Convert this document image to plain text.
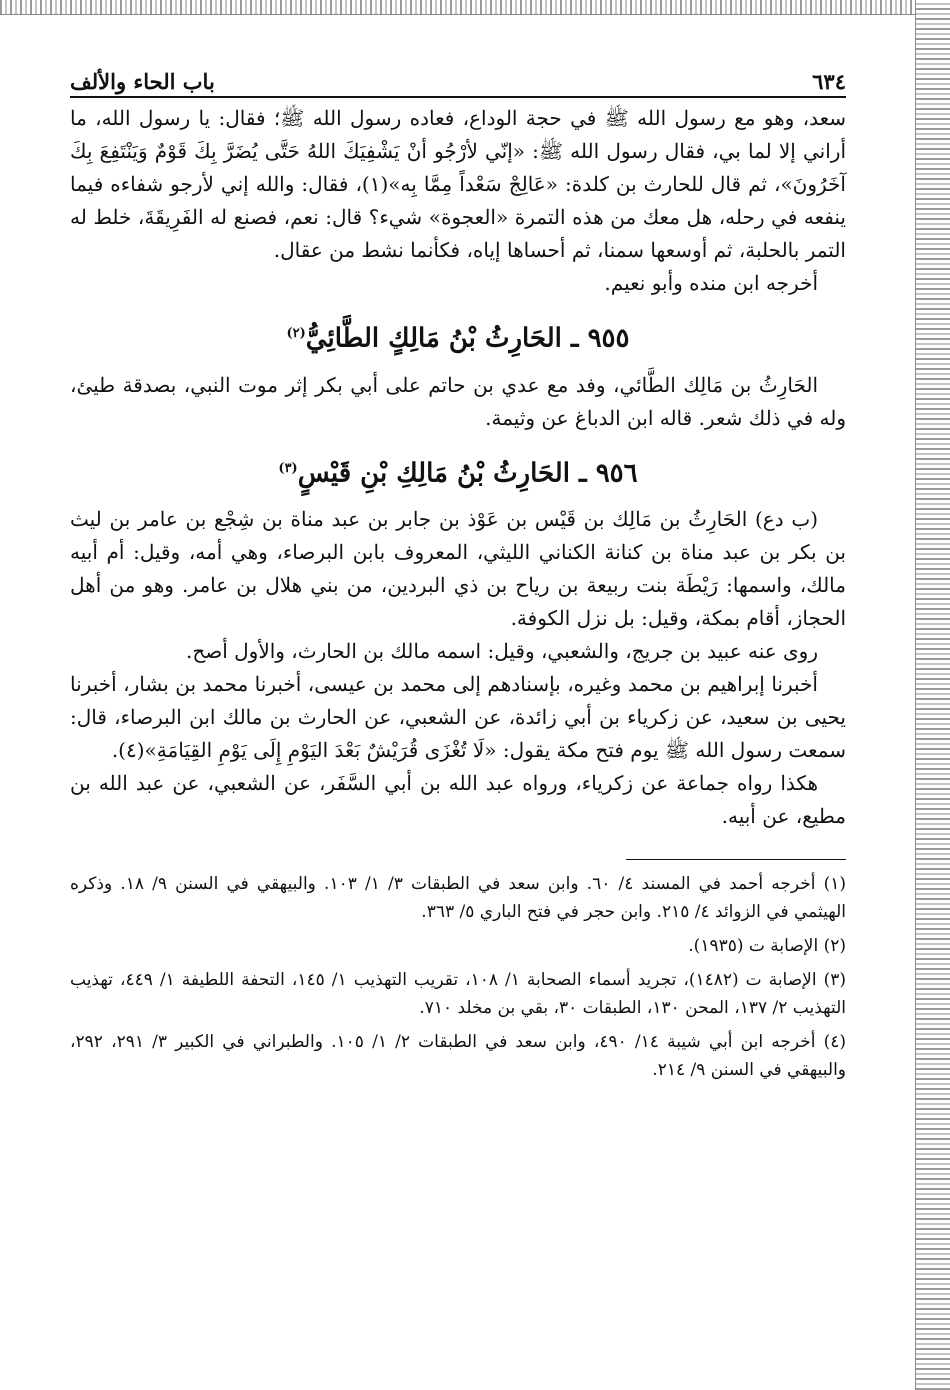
٦٣٤
باب الحاء والألف

سعد، وهو مع رسول الله ﷺ في حجة الوداع، فعاده رسول الله ﷺ؛ فقال: يا رسول الله، ما أراني إلا لما بي، فقال رسول الله ﷺ: «إنّي لأرْجُو أنْ يَشْفِيَكَ اللهُ حَتَّى يُضَرَّ بِكَ قَوْمٌ وَيَنْتَفِعَ بِكَ آخَرُونَ»، ثم قال للحارث بن كلدة: «عَالِجْ سَعْداً مِمَّا بِه»(١)، فقال: والله إني لأرجو شفاءه فيما ينفعه في رحله، هل معك من هذه التمرة «العجوة» شيء؟ قال: نعم، فصنع له الفَرِيقَةَ، خلط له التمر بالحلبة، ثم أوسعها سمنا، ثم أحساها إياه، فكأنما نشط من عقال.

أخرجه ابن منده وأبو نعيم.

٩٥٥ ـ الحَارِثُ بْنُ مَالِكٍ الطَّائِيُّ$^{(٢)}$

الحَارِثُ بن مَالِك الطَّائي، وفد مع عدي بن حاتم على أبي بكر إثر موت النبي، بصدقة طيئ، وله في ذلك شعر. قاله ابن الدباغ عن وثيمة.

٩٥٦ ـ الحَارِثُ بْنُ مَالِكِ بْنِ قَيْسٍ$^{(٣)}$

(ب دع) الحَارِثُ بن مَالِك بن قَيْس بن عَوْذ بن جابر بن عبد مناة بن شِجْع بن عامر بن ليث بن بكر بن عبد مناة بن كنانة الكناني الليثي، المعروف بابن البرصاء، وهي أمه، وقيل: أم أبيه مالك، واسمها: رَيْطَة بنت ربيعة بن رياح بن ذي البردين، من بني هلال بن عامر. وهو من أهل الحجاز، أقام بمكة، وقيل: بل نزل الكوفة.

روى عنه عبيد بن جريج، والشعبي، وقيل: اسمه مالك بن الحارث، والأول أصح.

أخبرنا إبراهيم بن محمد وغيره، بإسنادهم إلى محمد بن عيسى، أخبرنا محمد بن بشار، أخبرنا يحيى بن سعيد، عن زكرياء بن أبي زائدة، عن الشعبي، عن الحارث بن مالك ابن البرصاء، قال: سمعت رسول الله ﷺ يوم فتح مكة يقول: «لَا تُغْزَى قُرَيْشٌ بَعْدَ اليَوْمِ إِلَى يَوْمِ القِيَامَةِ»(٤).

هكذا رواه جماعة عن زكرياء، ورواه عبد الله بن أبي السَّفَر، عن الشعبي، عن عبد الله بن مطيع، عن أبيه.

(١) أخرجه أحمد في المسند ٤/ ٦٠. وابن سعد في الطبقات ٣/ ١/ ١٠٣. والبيهقي في السنن ٩/ ١٨. وذكره الهيثمي في الزوائد ٤/ ٢١٥. وابن حجر في فتح الباري ٥/ ٣٦٣.

(٢) الإصابة ت (١٩٣٥).

(٣) الإصابة ت (١٤٨٢)، تجريد أسماء الصحابة ١/ ١٠٨، تقريب التهذيب ١/ ١٤٥، التحفة اللطيفة ١/ ٤٤٩، تهذيب التهذيب ٢/ ١٣٧، المحن ١٣٠، الطبقات ٣٠، بقي بن مخلد ٧١٠.

(٤) أخرجه ابن أبي شيبة ١٤/ ٤٩٠، وابن سعد في الطبقات ٢/ ١/ ١٠٥. والطبراني في الكبير ٣/ ٢٩١، ٢٩٢، والبيهقي في السنن ٩/ ٢١٤.
